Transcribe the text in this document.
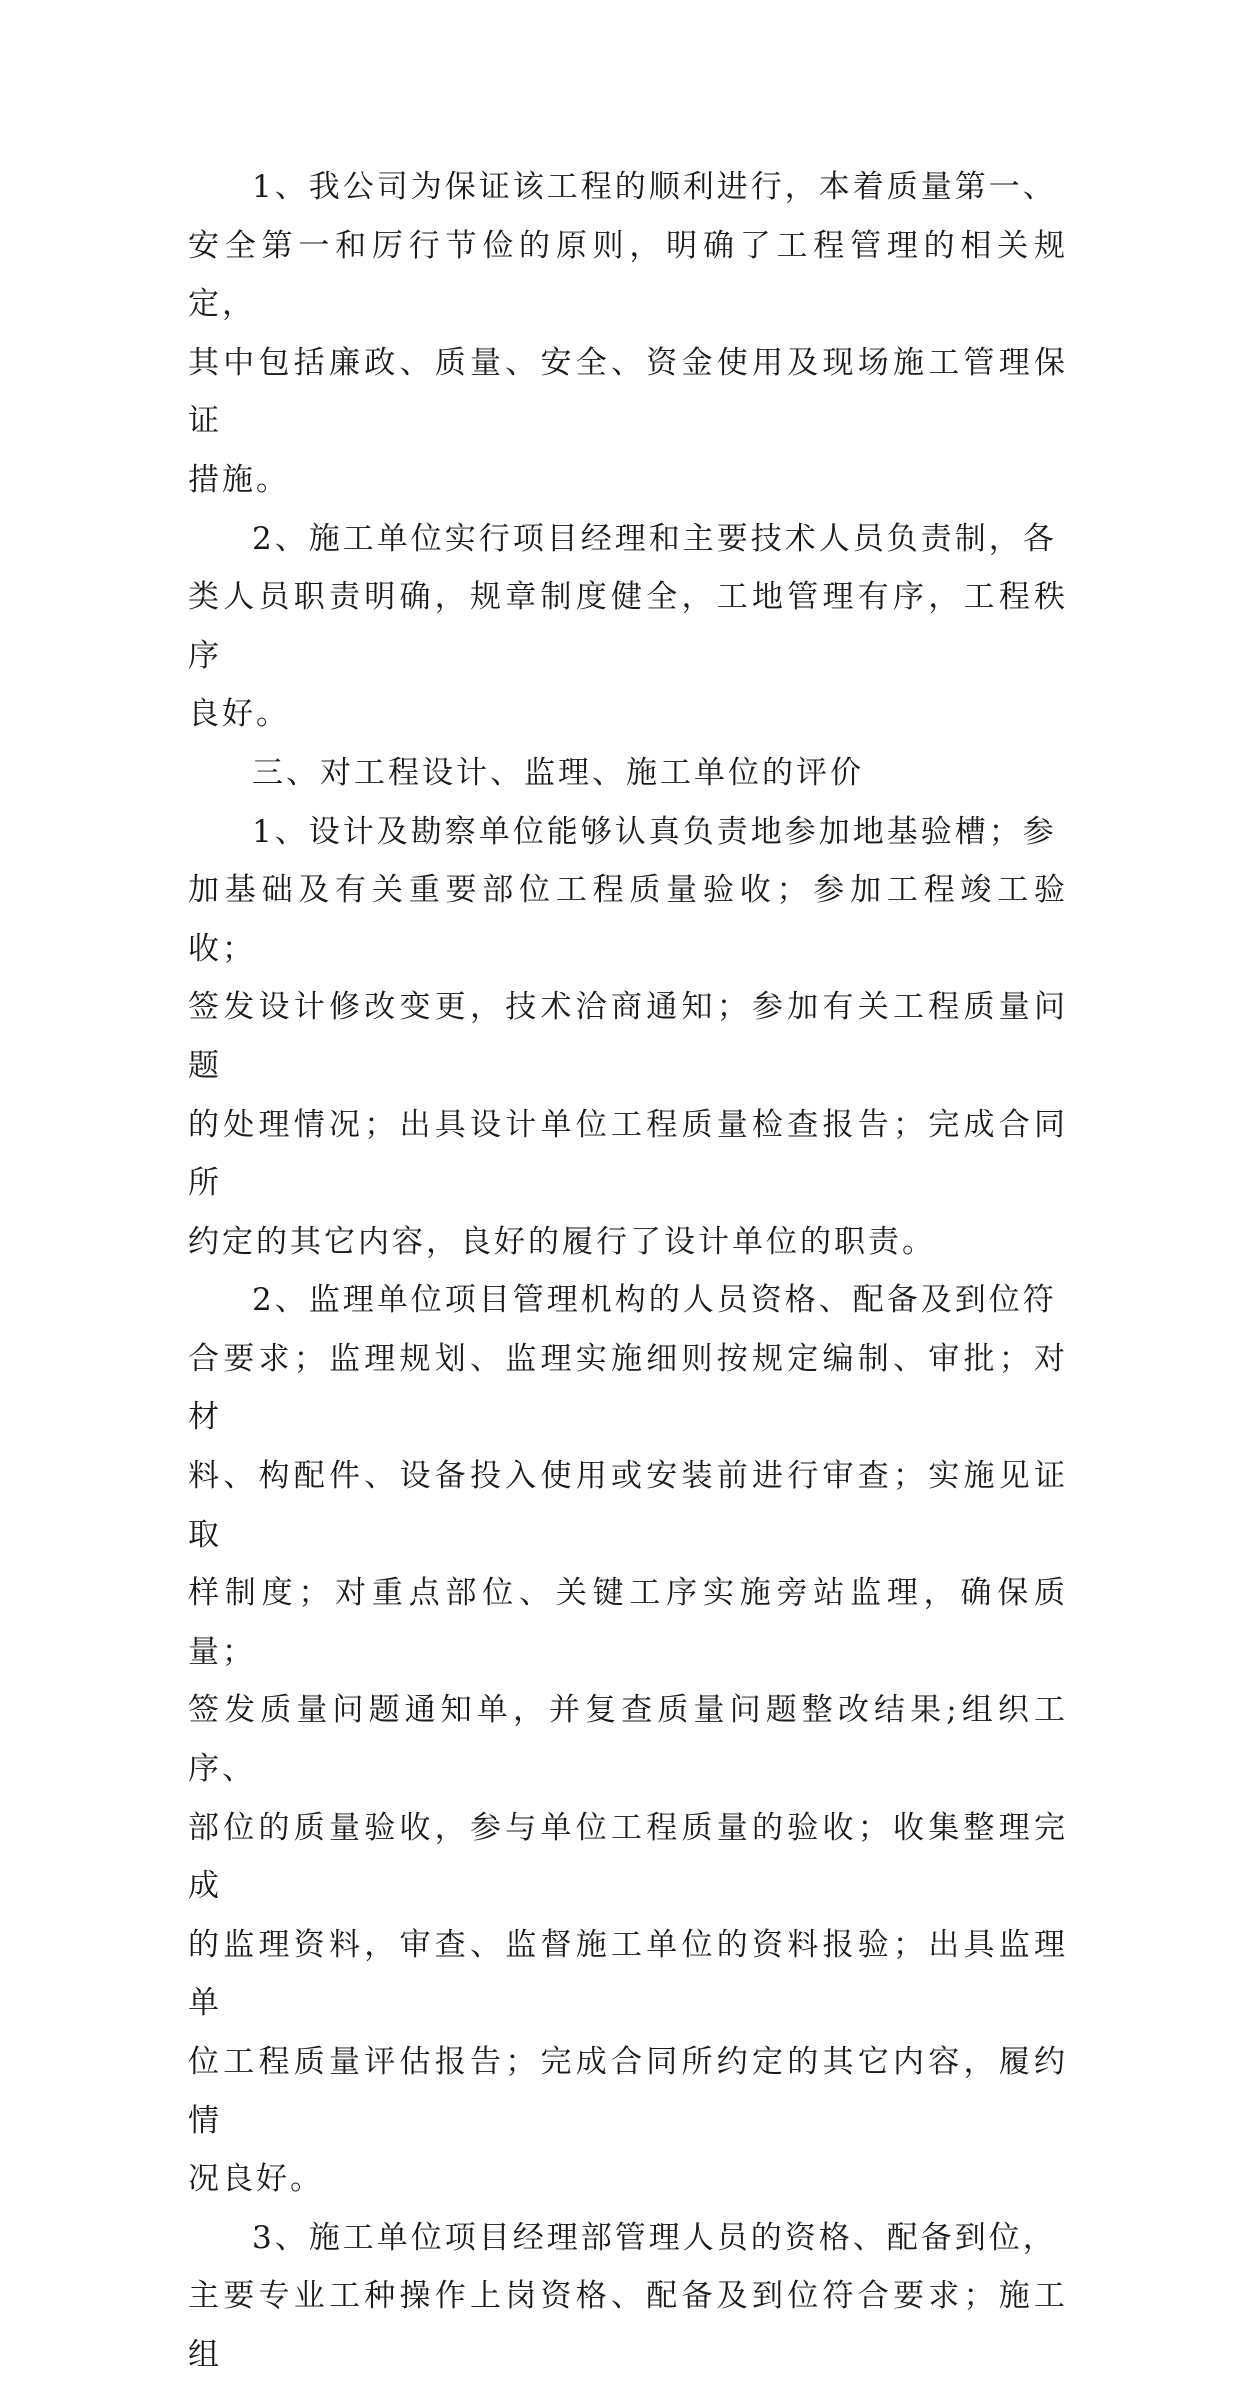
1、我公司为保证该工程的顺利进行，本着质量第一、
安全第一和厉行节俭的原则，明确了工程管理的相关规定，
其中包括廉政、质量、安全、资金使用及现场施工管理保证
措施。

2、施工单位实行项目经理和主要技术人员负责制，各
类人员职责明确，规章制度健全，工地管理有序，工程秩序
良好。

三、对工程设计、监理、施工单位的评价

1、设计及勘察单位能够认真负责地参加地基验槽；参
加基础及有关重要部位工程质量验收；参加工程竣工验收；
签发设计修改变更，技术洽商通知；参加有关工程质量问题
的处理情况；出具设计单位工程质量检查报告；完成合同所
约定的其它内容，良好的履行了设计单位的职责。

2、监理单位项目管理机构的人员资格、配备及到位符
合要求；监理规划、监理实施细则按规定编制、审批；对材
料、构配件、设备投入使用或安装前进行审查；实施见证取
样制度；对重点部位、关键工序实施旁站监理，确保质量；
签发质量问题通知单，并复查质量问题整改结果;组织工序、
部位的质量验收，参与单位工程质量的验收；收集整理完成
的监理资料，审查、监督施工单位的资料报验；出具监理单
位工程质量评估报告；完成合同所约定的其它内容，履约情
况良好。

3、施工单位项目经理部管理人员的资格、配备到位，
主要专业工种操作上岗资格、配备及到位符合要求；施工组
